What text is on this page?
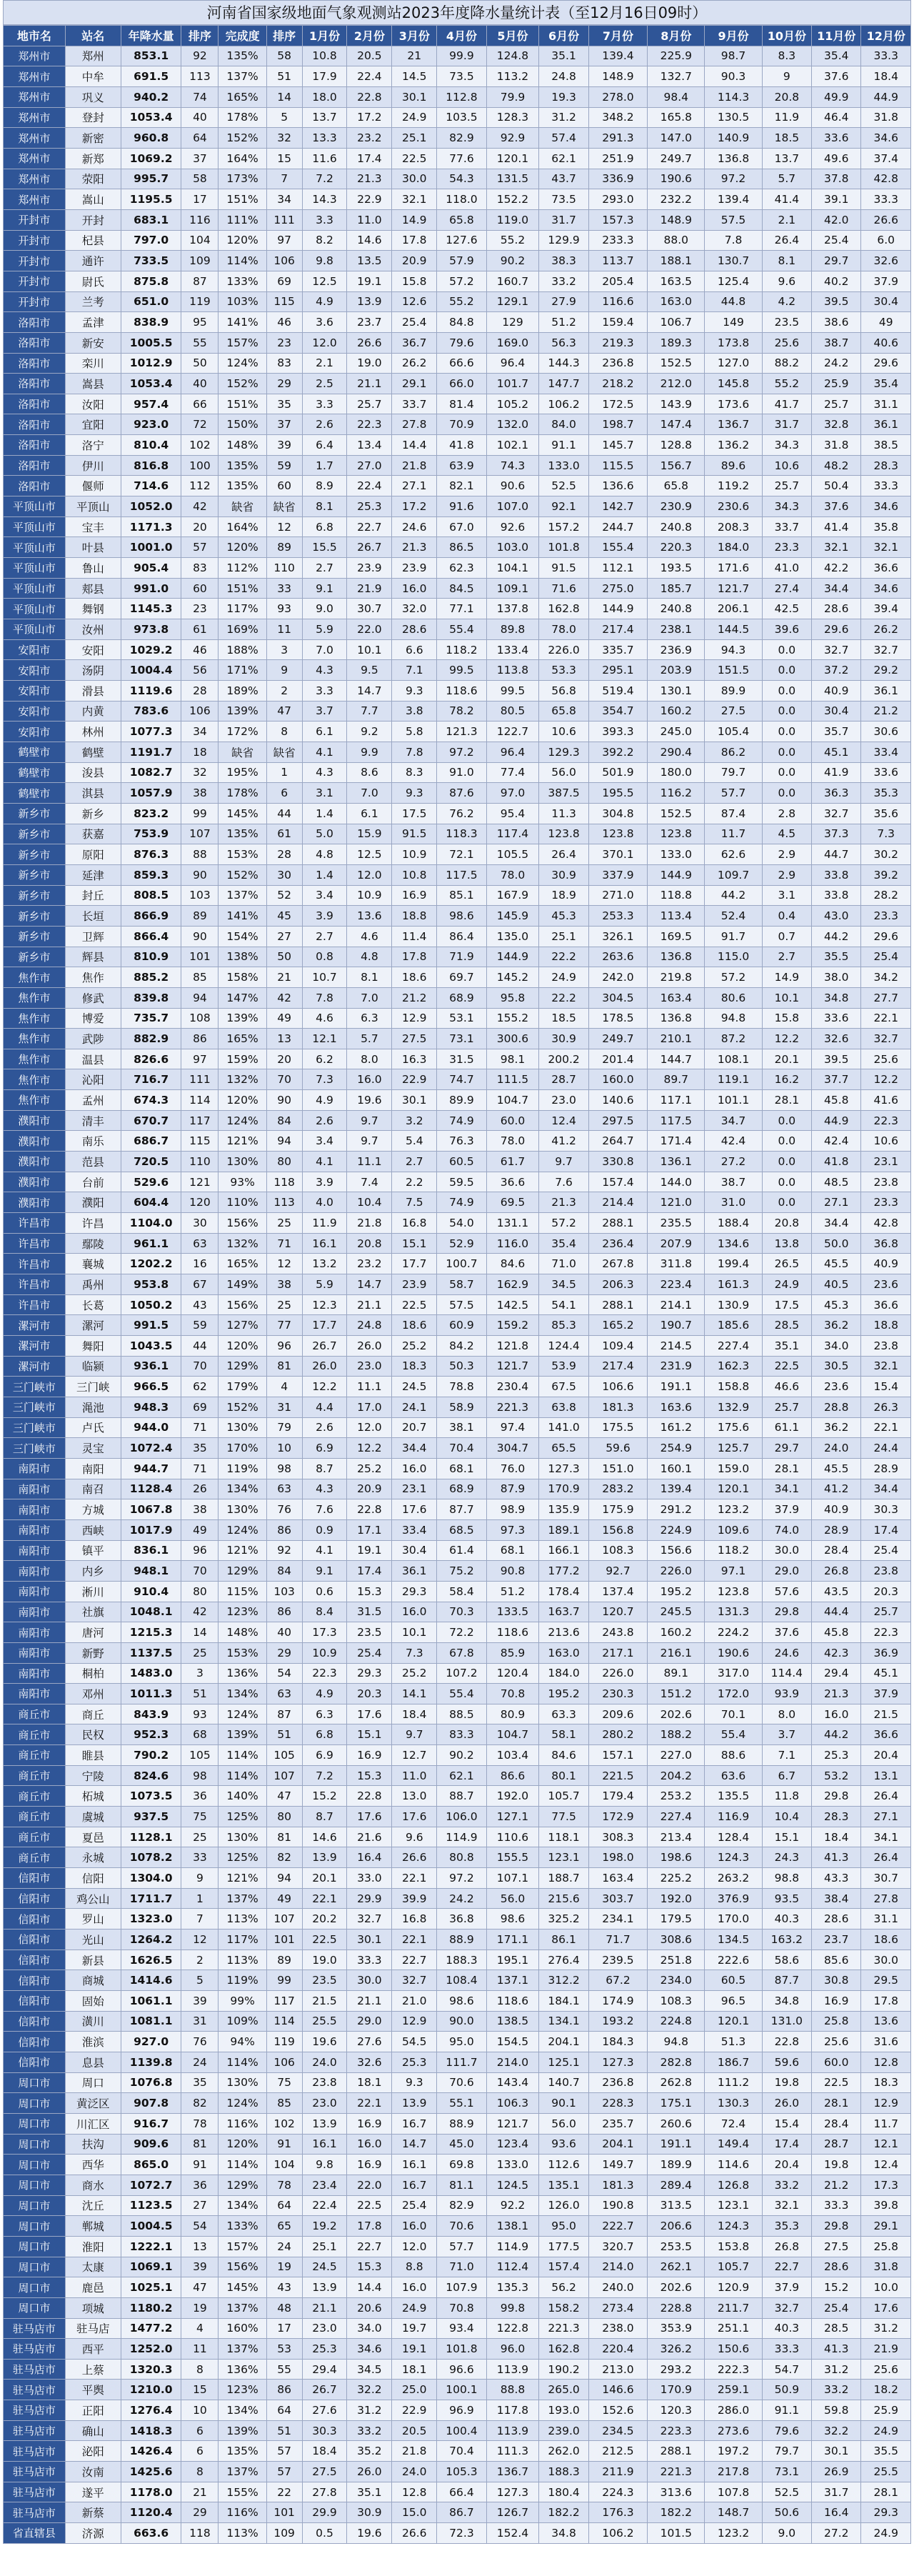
河南省国家级地面气象观测站2023年度降水量统计表（至12月16日09时）
地市名	站名	年降水量	排序	完成度	排序	1月份	2月份	3月份	4月份	5月份	6月份	7月份	8月份	9月份	10月份	11月份	12月份
郑州市	郑州	853.1	92	135%	58	10.8	20.5	21	99.9	124.8	35.1	139.4	225.9	98.7	8.3	35.4	33.3
郑州市	中牟	691.5	113	137%	51	17.9	22.4	14.5	73.5	113.2	24.8	148.9	132.7	90.3	9	37.6	18.4
郑州市	巩义	940.2	74	165%	14	18.0	22.8	30.1	112.8	79.9	19.3	278.0	98.4	114.3	20.8	49.9	44.9
郑州市	登封	1053.4	40	178%	5	13.7	17.2	24.9	103.5	128.3	31.2	348.2	165.8	130.5	11.9	46.4	31.8
郑州市	新密	960.8	64	152%	32	13.3	23.2	25.1	82.9	92.9	57.4	291.3	147.0	140.9	18.5	33.6	34.6
郑州市	新郑	1069.2	37	164%	15	11.6	17.4	22.5	77.6	120.1	62.1	251.9	249.7	136.8	13.7	49.6	37.4
郑州市	荥阳	995.7	58	173%	7	7.2	21.3	30.0	54.3	131.5	43.7	336.9	190.6	97.2	5.7	37.8	42.8
郑州市	嵩山	1195.5	17	151%	34	14.3	22.9	32.1	118.0	152.2	73.5	293.0	232.2	139.4	41.4	39.1	33.3
开封市	开封	683.1	116	111%	111	3.3	11.0	14.9	65.8	119.0	31.7	157.3	148.9	57.5	2.1	42.0	26.6
开封市	杞县	797.0	104	120%	97	8.2	14.6	17.8	127.6	55.2	129.9	233.3	88.0	7.8	26.4	25.4	6.0
开封市	通许	733.5	109	114%	106	9.8	13.5	20.9	57.9	90.2	38.3	113.7	188.1	130.7	8.1	29.7	32.6
开封市	尉氏	875.8	87	133%	69	12.5	19.1	15.8	57.2	160.7	33.2	205.4	163.5	125.4	9.6	40.2	37.9
开封市	兰考	651.0	119	103%	115	4.9	13.9	12.6	55.2	129.1	27.9	116.6	163.0	44.8	4.2	39.5	30.4
洛阳市	孟津	838.9	95	141%	46	3.6	23.7	25.4	84.8	129	51.2	159.4	106.7	149	23.5	38.6	49
洛阳市	新安	1005.5	55	157%	23	12.0	26.6	36.7	79.6	169.0	56.3	219.3	189.3	173.8	25.6	38.7	40.6
洛阳市	栾川	1012.9	50	124%	83	2.1	19.0	26.2	66.6	96.4	144.3	236.8	152.5	127.0	88.2	24.2	29.6
洛阳市	嵩县	1053.4	40	152%	29	2.5	21.1	29.1	66.0	101.7	147.7	218.2	212.0	145.8	55.2	25.9	35.4
洛阳市	汝阳	957.4	66	151%	35	3.3	25.7	33.7	81.4	105.2	106.2	172.5	143.9	173.6	41.7	25.7	31.1
洛阳市	宜阳	923.0	72	150%	37	2.6	22.3	27.8	70.9	132.0	84.0	198.7	147.4	136.7	31.7	32.8	36.1
洛阳市	洛宁	810.4	102	148%	39	6.4	13.4	14.4	41.8	102.1	91.1	145.7	128.8	136.2	34.3	31.8	38.5
洛阳市	伊川	816.8	100	135%	59	1.7	27.0	21.8	63.9	74.3	133.0	115.5	156.7	89.6	10.6	48.2	28.3
洛阳市	偃师	714.6	112	135%	60	8.9	22.4	27.1	82.1	90.6	52.5	136.6	65.8	119.2	25.7	50.4	33.3
平顶山市	平顶山	1052.0	42	缺省	缺省	8.1	25.3	17.2	91.6	107.0	92.1	142.7	230.9	230.6	34.3	37.6	34.6
平顶山市	宝丰	1171.3	20	164%	12	6.8	22.7	24.6	67.0	92.6	157.2	244.7	240.8	208.3	33.7	41.4	35.8
平顶山市	叶县	1001.0	57	120%	89	15.5	26.7	21.3	86.5	103.0	101.8	155.4	220.3	184.0	23.3	32.1	32.1
平顶山市	鲁山	905.4	83	112%	110	2.7	23.9	23.9	62.3	104.1	91.5	112.1	193.5	171.6	41.0	42.2	36.6
平顶山市	郏县	991.0	60	151%	33	9.1	21.9	16.0	84.5	109.1	71.6	275.0	185.7	121.7	27.4	34.4	34.6
平顶山市	舞钢	1145.3	23	117%	93	9.0	30.7	32.0	77.1	137.8	162.8	144.9	240.8	206.1	42.5	28.6	39.4
平顶山市	汝州	973.8	61	169%	11	5.9	22.0	28.6	55.4	89.8	78.0	217.4	238.1	144.5	39.6	29.6	26.2
安阳市	安阳	1029.2	46	188%	3	7.0	10.1	6.6	118.2	133.4	226.0	335.7	236.9	94.3	0.0	32.7	32.7
安阳市	汤阴	1004.4	56	171%	9	4.3	9.5	7.1	99.5	113.8	53.3	295.1	203.9	151.5	0.0	37.2	29.2
安阳市	滑县	1119.6	28	189%	2	3.3	14.7	9.3	118.6	99.5	56.8	519.4	130.1	89.9	0.0	40.9	36.1
安阳市	内黄	783.6	106	139%	47	3.7	7.7	3.8	78.2	80.5	65.8	354.7	160.2	27.5	0.0	30.4	21.2
安阳市	林州	1077.3	34	172%	8	6.1	9.2	5.8	121.3	122.7	10.6	393.3	245.0	105.4	0.0	35.7	30.6
鹤壁市	鹤壁	1191.7	18	缺省	缺省	4.1	9.9	7.8	97.2	96.4	129.3	392.2	290.4	86.2	0.0	45.1	33.4
鹤壁市	浚县	1082.7	32	195%	1	4.3	8.6	8.3	91.0	77.4	56.0	501.9	180.0	79.7	0.0	41.9	33.6
鹤壁市	淇县	1057.9	38	178%	6	3.1	7.0	9.3	87.6	97.0	387.5	195.5	116.2	57.7	0.0	36.3	35.3
新乡市	新乡	823.2	99	145%	44	1.4	6.1	17.5	76.2	95.4	11.3	304.8	152.5	87.4	2.8	32.7	35.6
新乡市	获嘉	753.9	107	135%	61	5.0	15.9	91.5	118.3	117.4	123.8	123.8	123.8	11.7	4.5	37.3	7.3
新乡市	原阳	876.3	88	153%	28	4.8	12.5	10.9	72.1	105.5	26.4	370.1	133.0	62.6	2.9	44.7	30.2
新乡市	延津	859.3	90	152%	30	1.4	12.0	10.8	117.5	78.0	30.9	337.9	144.9	109.7	2.9	33.8	39.2
新乡市	封丘	808.5	103	137%	52	3.4	10.9	16.9	85.1	167.9	18.9	271.0	118.8	44.2	3.1	33.8	28.2
新乡市	长垣	866.9	89	141%	45	3.9	13.6	18.8	98.6	145.9	45.3	253.3	113.4	52.4	0.4	43.0	23.3
新乡市	卫辉	866.4	90	154%	27	2.7	4.6	11.4	86.4	135.0	25.1	326.1	169.5	91.7	0.7	44.2	29.6
新乡市	辉县	810.9	101	138%	50	0.8	4.8	17.8	71.9	144.9	22.2	263.6	136.8	115.0	2.7	35.5	25.4
焦作市	焦作	885.2	85	158%	21	10.7	8.1	18.6	69.7	145.2	24.9	242.0	219.8	57.2	14.9	38.0	34.2
焦作市	修武	839.8	94	147%	42	7.8	7.0	21.2	68.9	95.8	22.2	304.5	163.4	80.6	10.1	34.8	27.7
焦作市	博爱	735.7	108	139%	49	4.6	6.3	12.9	53.1	155.2	18.5	178.5	136.8	94.8	15.8	33.6	22.1
焦作市	武陟	882.9	86	165%	13	12.1	5.7	27.5	73.1	300.6	30.9	249.7	210.1	87.2	12.2	32.6	32.7
焦作市	温县	826.6	97	159%	20	6.2	8.0	16.3	31.5	98.1	200.2	201.4	144.7	108.1	20.1	39.5	25.6
焦作市	沁阳	716.7	111	132%	70	7.3	16.0	22.9	74.7	111.5	28.7	160.0	89.7	119.1	16.2	37.7	12.2
焦作市	孟州	674.3	114	120%	90	4.9	19.6	30.1	89.9	104.7	23.0	140.6	117.1	101.1	28.1	45.8	41.6
濮阳市	清丰	670.7	117	124%	84	2.6	9.7	3.2	74.9	60.0	12.4	297.5	117.5	34.7	0.0	44.9	22.3
濮阳市	南乐	686.7	115	121%	94	3.4	9.7	5.4	76.3	78.0	41.2	264.7	171.4	42.4	0.0	42.4	10.6
濮阳市	范县	720.5	110	130%	80	4.1	11.1	2.7	60.5	61.7	9.7	330.8	136.1	27.2	0.0	41.8	23.1
濮阳市	台前	529.6	121	93%	118	3.9	7.4	2.2	59.5	36.6	7.6	157.4	144.0	38.7	0.0	48.5	23.8
濮阳市	濮阳	604.4	120	110%	113	4.0	10.4	7.5	74.9	69.5	21.3	214.4	121.0	31.0	0.0	27.1	23.3
许昌市	许昌	1104.0	30	156%	25	11.9	21.8	16.8	54.0	131.1	57.2	288.1	235.5	188.4	20.8	34.4	42.8
许昌市	鄢陵	961.1	63	132%	71	16.1	20.8	15.1	52.9	116.0	35.4	236.4	207.9	134.6	13.8	50.0	36.8
许昌市	襄城	1202.2	16	165%	12	13.2	23.2	17.7	100.7	84.6	71.0	267.8	311.8	199.4	26.5	45.5	40.9
许昌市	禹州	953.8	67	149%	38	5.9	14.7	23.9	58.7	162.9	34.5	206.3	223.4	161.3	24.9	40.5	23.6
许昌市	长葛	1050.2	43	156%	25	12.3	21.1	22.5	57.5	142.5	54.1	288.1	214.1	130.9	17.5	45.3	36.6
漯河市	漯河	991.5	59	127%	77	17.7	24.8	18.6	60.9	159.2	85.3	165.2	190.7	185.6	28.5	36.2	18.8
漯河市	舞阳	1043.5	44	120%	96	26.7	26.0	25.2	84.2	121.8	124.4	109.4	214.5	227.4	35.1	34.0	23.8
漯河市	临颍	936.1	70	129%	81	26.0	23.0	18.3	50.3	121.7	53.9	217.4	231.9	162.3	22.5	30.5	32.1
三门峡市	三门峡	966.5	62	179%	4	12.2	11.1	24.5	78.8	230.4	67.5	106.6	191.1	158.8	46.6	23.6	15.4
三门峡市	渑池	948.3	69	152%	31	4.4	17.0	24.1	58.9	221.3	63.8	181.3	163.6	132.9	25.7	28.8	26.3
三门峡市	卢氏	944.0	71	130%	79	2.6	12.0	20.7	38.1	97.4	141.0	175.5	161.2	175.6	61.1	36.2	22.1
三门峡市	灵宝	1072.4	35	170%	10	6.9	12.2	34.4	70.4	304.7	65.5	59.6	254.9	125.7	29.7	24.0	24.4
南阳市	南阳	944.7	71	119%	98	8.7	25.2	16.0	68.1	76.0	127.3	151.0	160.1	159.0	28.1	45.5	28.9
南阳市	南召	1128.4	26	134%	63	4.3	20.9	23.1	68.9	87.9	170.9	283.2	139.4	120.1	34.1	41.2	34.4
南阳市	方城	1067.8	38	130%	76	7.6	22.8	17.6	87.7	98.9	135.9	175.9	291.2	123.2	37.9	40.9	30.3
南阳市	西峡	1017.9	49	124%	86	0.9	17.1	33.4	68.5	97.3	189.1	156.8	224.9	109.6	74.0	28.9	17.4
南阳市	镇平	836.1	96	121%	92	4.1	19.1	30.4	61.4	68.1	166.1	108.3	156.6	118.2	30.0	28.4	25.4
南阳市	内乡	948.1	70	129%	84	9.1	17.4	36.1	75.2	90.8	177.2	92.7	226.0	97.1	29.0	26.8	23.8
南阳市	淅川	910.4	80	115%	103	0.6	15.3	29.3	58.4	51.2	178.4	137.4	195.2	123.8	57.6	43.5	20.3
南阳市	社旗	1048.1	42	123%	86	8.4	31.5	16.0	70.3	133.5	163.7	120.7	245.5	131.3	29.8	44.4	25.7
南阳市	唐河	1215.3	14	148%	40	17.3	23.5	10.1	72.2	118.6	213.6	243.8	160.2	224.2	37.6	45.8	22.3
南阳市	新野	1137.5	25	153%	29	10.9	25.4	7.3	67.8	85.9	163.0	217.1	216.1	190.6	24.6	42.3	36.9
南阳市	桐柏	1483.0	3	136%	54	22.3	29.3	25.2	107.2	120.4	184.0	226.0	89.1	317.0	114.4	29.4	45.1
南阳市	邓州	1011.3	51	134%	63	4.9	20.3	14.1	55.4	70.8	195.2	230.3	151.2	172.0	93.9	21.3	37.9
商丘市	商丘	843.9	93	124%	87	6.3	17.6	18.4	88.5	80.9	63.3	209.6	202.6	70.1	8.0	16.0	21.5
商丘市	民权	952.3	68	139%	51	6.8	15.1	9.7	83.3	104.7	58.1	280.2	188.2	55.4	3.7	44.2	36.6
商丘市	睢县	790.2	105	114%	105	6.9	16.9	12.7	90.2	103.4	84.6	157.1	227.0	88.6	7.1	25.3	20.4
商丘市	宁陵	824.6	98	114%	107	7.2	15.3	11.0	62.1	86.6	80.1	221.5	204.2	63.6	6.7	53.2	13.1
商丘市	柘城	1073.5	36	140%	47	15.2	22.8	13.0	88.7	192.0	105.7	179.4	253.2	135.5	11.8	29.8	26.4
商丘市	虞城	937.5	75	125%	80	8.7	17.6	17.6	106.0	127.1	77.5	172.9	227.4	116.9	10.4	28.3	27.1
商丘市	夏邑	1128.1	25	130%	81	14.6	21.6	9.6	114.9	110.6	118.1	308.3	213.4	128.4	15.1	18.4	34.1
商丘市	永城	1078.2	33	125%	82	13.9	16.4	26.6	80.8	155.5	123.1	198.0	198.6	124.3	24.3	41.3	26.4
信阳市	信阳	1304.0	9	121%	94	20.1	33.0	22.1	97.2	107.1	188.7	163.4	225.2	263.2	98.8	43.3	30.7
信阳市	鸡公山	1711.7	1	137%	49	22.1	29.9	39.9	24.2	56.0	215.6	303.7	192.0	376.9	93.5	38.4	27.8
信阳市	罗山	1323.0	7	113%	107	20.2	32.7	16.8	36.8	98.6	325.2	234.1	179.5	170.0	40.3	28.6	31.1
信阳市	光山	1264.2	12	117%	101	22.5	30.1	22.1	88.9	171.1	86.1	71.7	308.6	134.5	163.2	23.7	18.6
信阳市	新县	1626.5	2	113%	89	19.0	33.3	22.7	188.3	195.1	276.4	239.5	251.8	222.6	58.6	85.6	30.0
信阳市	商城	1414.6	5	119%	99	23.5	30.0	32.7	108.4	137.1	312.2	67.2	234.0	60.5	87.7	30.8	29.5
信阳市	固始	1061.1	39	99%	117	21.5	21.1	21.0	98.6	118.6	184.1	174.9	108.3	96.5	34.8	16.9	17.8
信阳市	潢川	1081.1	31	109%	114	25.5	29.0	12.9	90.0	138.5	134.1	193.2	224.8	120.1	131.0	25.8	13.6
信阳市	淮滨	927.0	76	94%	119	19.6	27.6	54.5	95.0	154.5	204.1	184.3	94.8	51.3	22.8	25.6	31.6
信阳市	息县	1139.8	24	114%	106	24.0	32.6	25.3	111.7	214.0	125.1	127.3	282.8	186.7	59.6	60.0	12.8
周口市	周口	1076.8	35	130%	75	23.8	18.1	9.3	70.6	143.4	140.7	236.8	262.8	111.2	19.8	22.5	18.3
周口市	黄泛区	907.8	82	124%	85	23.0	22.1	13.9	55.1	106.3	90.1	228.3	175.1	130.3	26.0	28.1	12.9
周口市	川汇区	916.7	78	116%	102	13.9	16.9	16.7	88.9	121.7	56.0	235.7	260.6	72.4	15.4	28.4	11.7
周口市	扶沟	909.6	81	120%	91	16.1	16.0	14.7	45.0	123.4	93.6	204.1	191.1	149.4	17.4	28.7	12.1
周口市	西华	865.0	91	114%	104	9.8	16.9	16.1	69.8	133.0	112.6	149.7	189.9	114.6	20.4	19.8	12.4
周口市	商水	1072.7	36	129%	78	23.4	22.0	16.7	81.1	124.5	135.1	181.3	289.4	126.8	33.2	21.2	17.3
周口市	沈丘	1123.5	27	134%	64	22.4	22.5	25.4	82.9	92.2	126.0	190.8	313.5	123.1	32.1	33.3	39.8
周口市	郸城	1004.5	54	133%	65	19.2	17.8	16.0	70.6	138.1	95.0	222.7	206.6	124.3	35.3	29.8	29.1
周口市	淮阳	1222.1	13	157%	24	25.1	22.7	12.0	57.7	114.9	177.5	320.7	253.5	153.8	26.8	27.5	25.8
周口市	太康	1069.1	39	156%	19	24.5	15.3	8.8	71.0	112.4	157.4	214.0	262.1	105.7	22.7	28.6	31.8
周口市	鹿邑	1025.1	47	145%	43	13.9	14.4	16.0	107.9	135.3	56.2	240.0	202.6	120.9	37.9	15.2	10.0
周口市	项城	1180.2	19	137%	48	21.1	20.6	24.9	70.8	99.8	158.2	273.4	228.8	211.7	32.7	25.4	17.6
驻马店市	驻马店	1477.2	4	160%	17	23.0	34.0	19.7	93.4	122.8	221.3	238.0	353.9	251.1	40.3	28.5	31.2
驻马店市	西平	1252.0	11	137%	53	25.3	34.6	19.1	101.8	96.0	162.8	220.4	326.2	150.6	33.3	41.3	21.9
驻马店市	上蔡	1320.3	8	136%	55	29.4	34.5	18.1	96.6	113.9	190.2	213.0	293.2	222.3	54.7	31.2	25.6
驻马店市	平舆	1210.0	15	123%	86	26.7	32.2	25.0	100.1	88.8	265.0	146.6	170.9	259.1	50.9	33.2	18.2
驻马店市	正阳	1276.4	10	134%	64	27.6	31.2	22.9	96.9	117.8	193.0	152.6	120.3	286.0	91.1	59.8	25.9
驻马店市	确山	1418.3	6	139%	51	30.3	33.2	20.5	100.4	113.9	239.0	234.5	223.3	273.6	79.6	32.2	24.9
驻马店市	泌阳	1426.4	6	135%	57	18.4	35.2	21.8	70.4	111.3	262.0	212.5	288.1	197.2	79.7	30.1	35.5
驻马店市	汝南	1425.6	8	137%	57	27.5	26.0	24.0	105.3	136.7	188.3	211.9	221.3	217.8	73.1	26.9	25.5
驻马店市	遂平	1178.0	21	155%	22	27.8	35.1	12.8	66.4	127.3	180.4	224.3	313.6	107.8	52.5	31.7	28.1
驻马店市	新蔡	1120.4	29	116%	101	29.9	30.9	15.0	86.7	126.7	182.2	176.3	182.2	148.7	50.6	16.4	29.3
省直辖县	济源	663.6	118	113%	109	0.5	19.6	26.6	72.3	152.4	34.8	106.2	101.5	123.2	9.0	27.2	24.9
